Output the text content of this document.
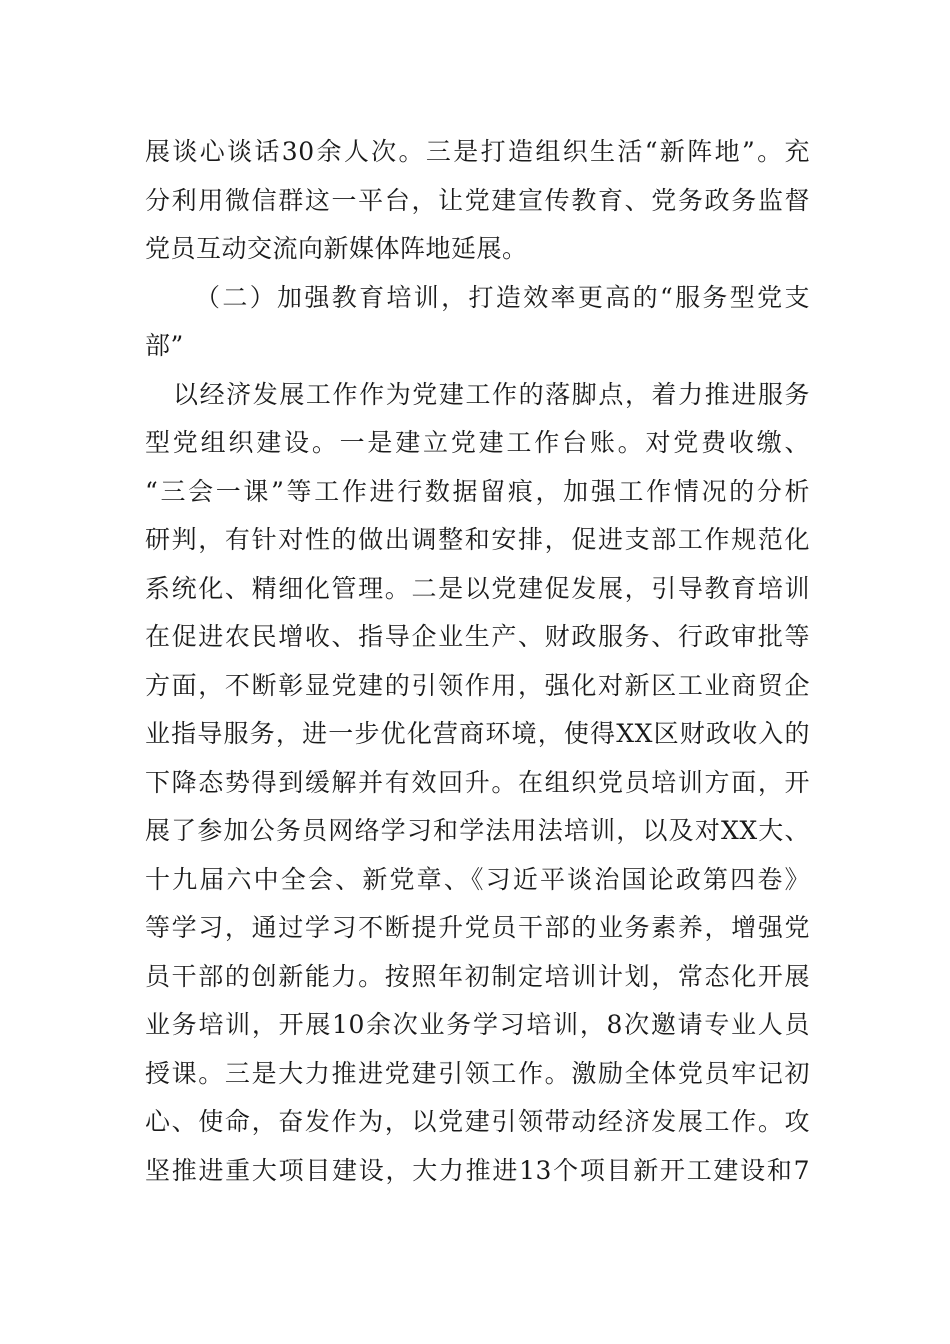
展谈心谈话30余人次。三是打造组织生活“新阵地”。充
分利用微信群这一平台，让党建宣传教育、党务政务监督
党员互动交流向新媒体阵地延展。
（二）加强教育培训，打造效率更高的“服务型党支
部”
以经济发展工作作为党建工作的落脚点，着力推进服务
型党组织建设。一是建立党建工作台账。对党费收缴、
“三会一课”等工作进行数据留痕，加强工作情况的分析
研判，有针对性的做出调整和安排，促进支部工作规范化
系统化、精细化管理。二是以党建促发展，引导教育培训
在促进农民增收、指导企业生产、财政服务、行政审批等
方面，不断彰显党建的引领作用，强化对新区工业商贸企
业指导服务，进一步优化营商环境，使得XX区财政收入的
下降态势得到缓解并有效回升。在组织党员培训方面，开
展了参加公务员网络学习和学法用法培训，以及对XX大、
十九届六中全会、新党章、《习近平谈治国论政第四卷》
等学习，通过学习不断提升党员干部的业务素养，增强党
员干部的创新能力。按照年初制定培训计划，常态化开展
业务培训，开展10余次业务学习培训，8次邀请专业人员
授课。三是大力推进党建引领工作。激励全体党员牢记初
心、使命，奋发作为，以党建引领带动经济发展工作。攻
坚推进重大项目建设，大力推进13个项目新开工建设和7
